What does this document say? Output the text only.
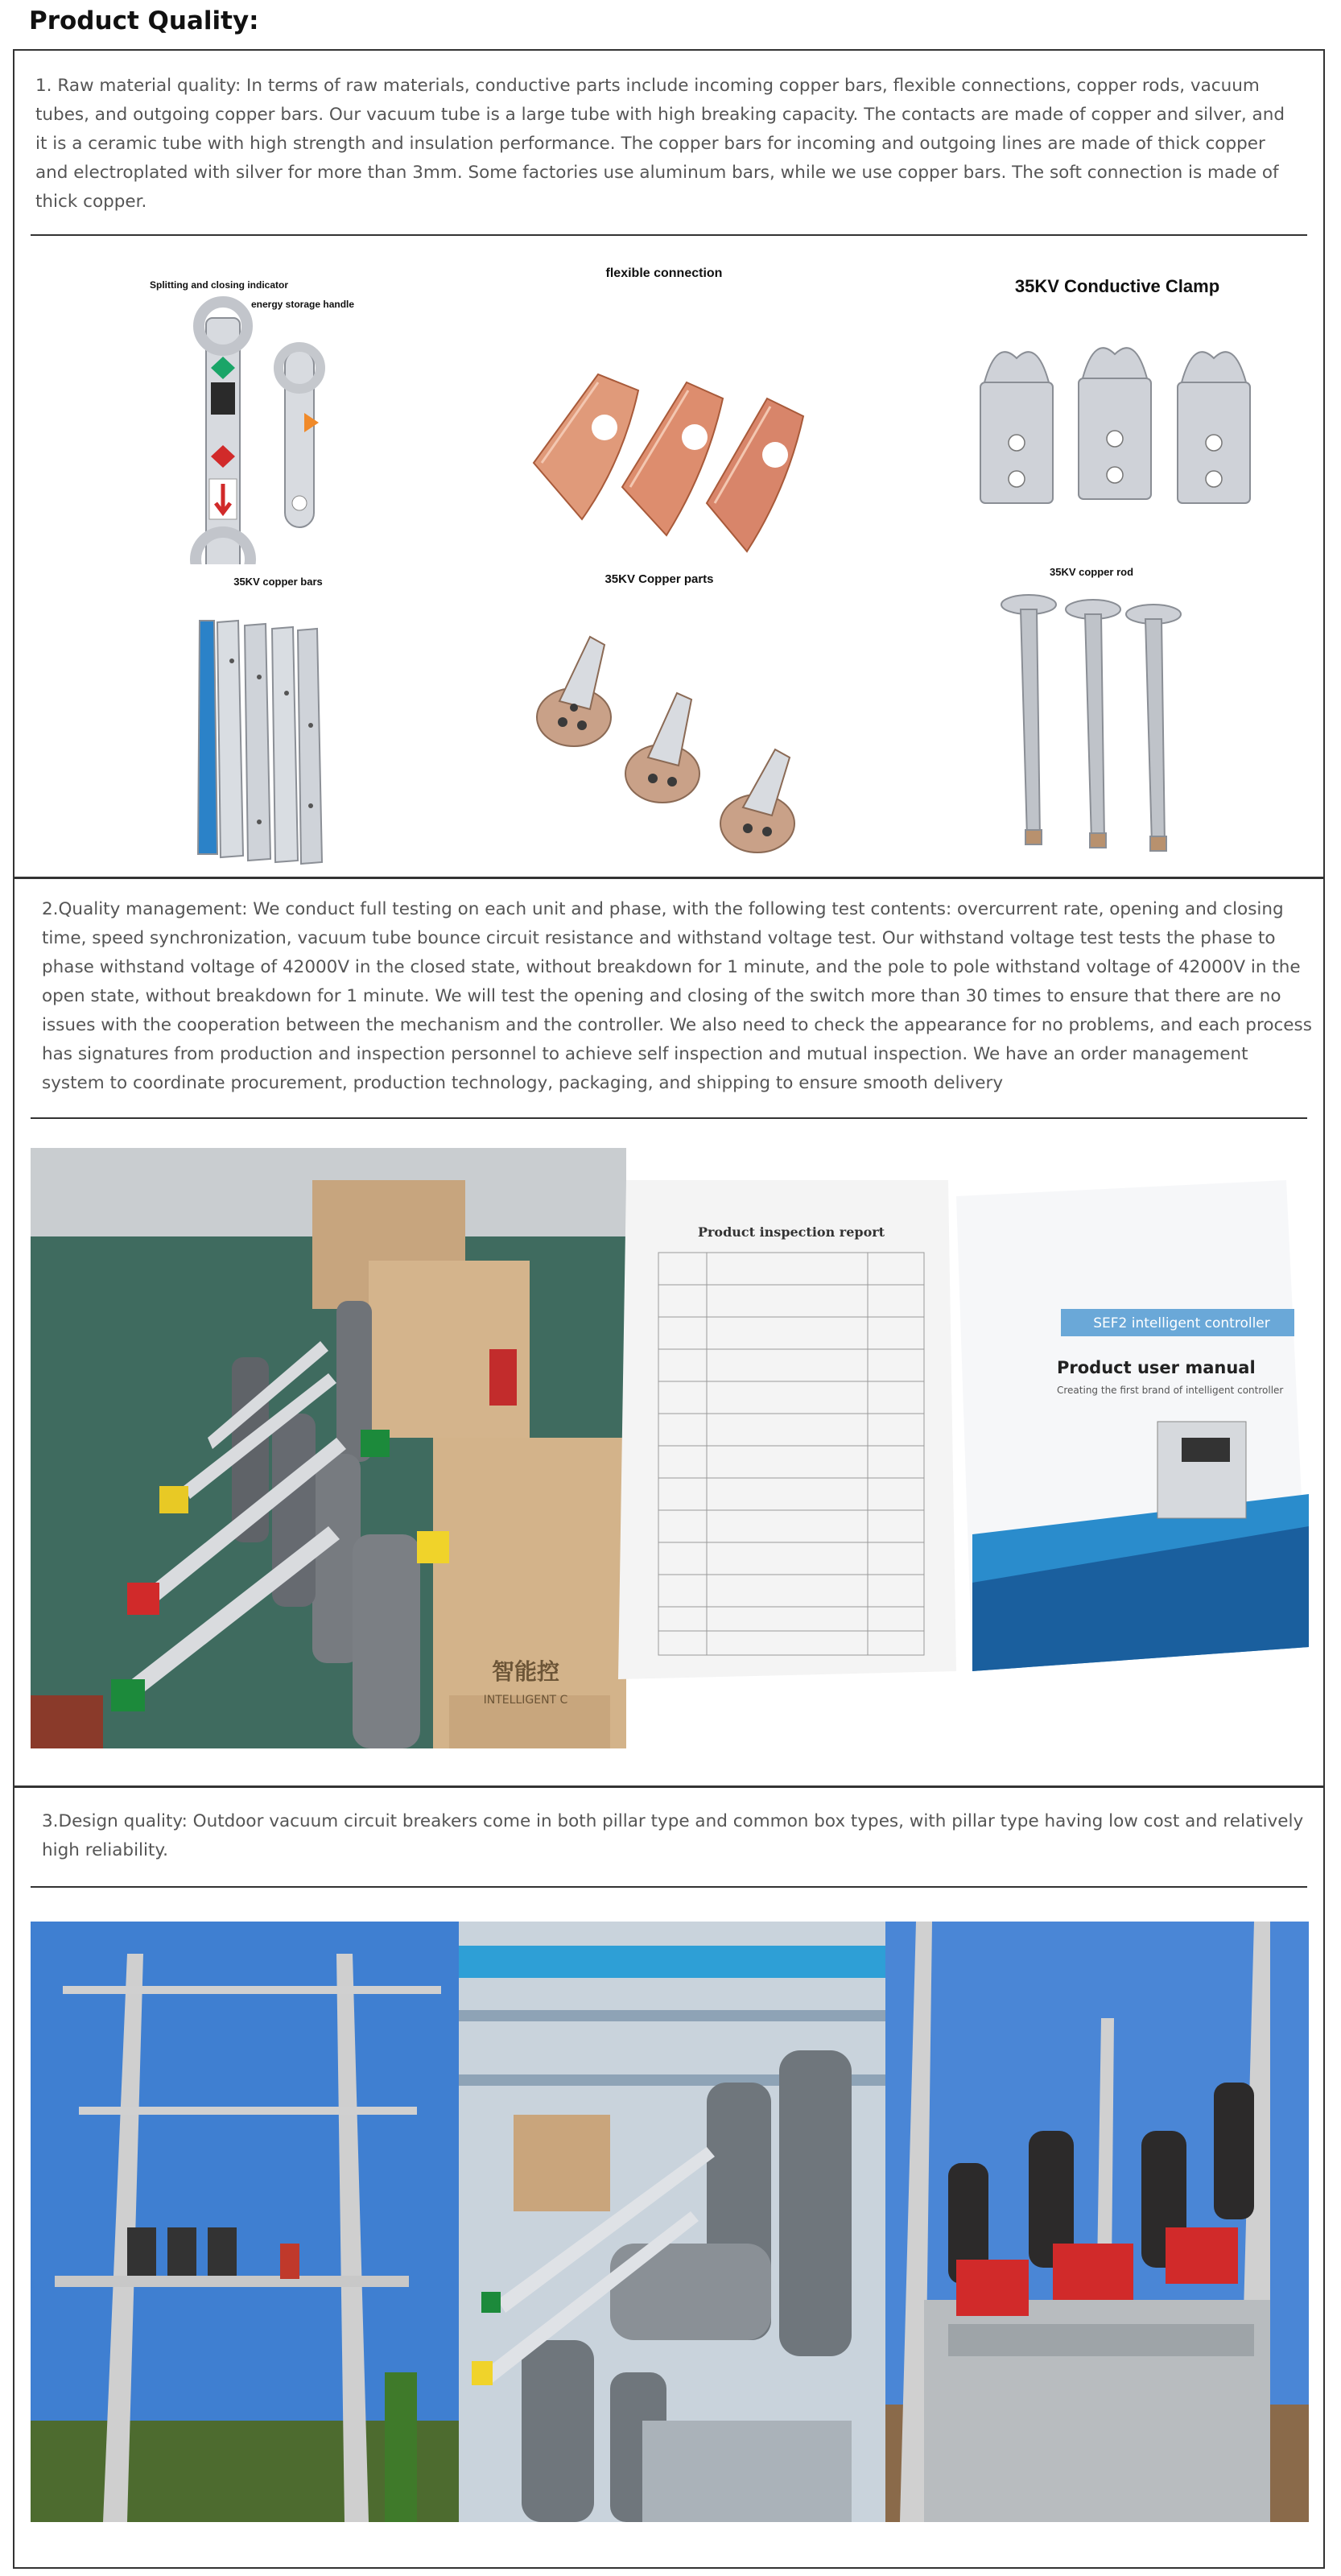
Product Quality:

1. Raw material quality: In terms of raw materials, conductive parts include incoming copper bars, flexible connections, copper rods, vacuum tubes, and outgoing copper bars. Our vacuum tube is a large tube with high breaking capacity. The contacts are made of copper and silver, and it is a ceramic tube with high strength and insulation performance. The copper bars for incoming and outgoing lines are made of thick copper and electroplated with silver for more than 3mm. Some factories use aluminum bars, while we use copper bars. The soft connection is made of thick copper.

Splitting and closing indicator
energy storage handle
flexible connection
35KV Conductive Clamp
35KV copper bars	35KV Copper parts
35KV copper rod

2.Quality management: We conduct full testing on each unit and phase, with the following test contents: overcurrent rate, opening and closing time, speed synchronization, vacuum tube bounce circuit resistance and withstand voltage test. Our withstand voltage test tests the phase to phase withstand voltage of 42000V in the closed state, without breakdown for 1 minute, and the pole to pole withstand voltage of 42000V in the open state, without breakdown for 1 minute. We will test the opening and closing of the switch more than 30 times to ensure that there are no issues with the cooperation between the mechanism and the controller. We also need to check the appearance for no problems, and each process has signatures from production and inspection personnel to achieve self inspection and mutual inspection. We have an order management system to coordinate procurement, production technology, packaging, and shipping to ensure smooth delivery

智能控
INTELLIGENT C
Product inspection report
SEF2 intelligent controller
Product user manual
Creating the first brand of intelligent controller

3.Design quality: Outdoor vacuum circuit breakers come in both pillar type and common box types, with pillar type having low cost and relatively high reliability.
